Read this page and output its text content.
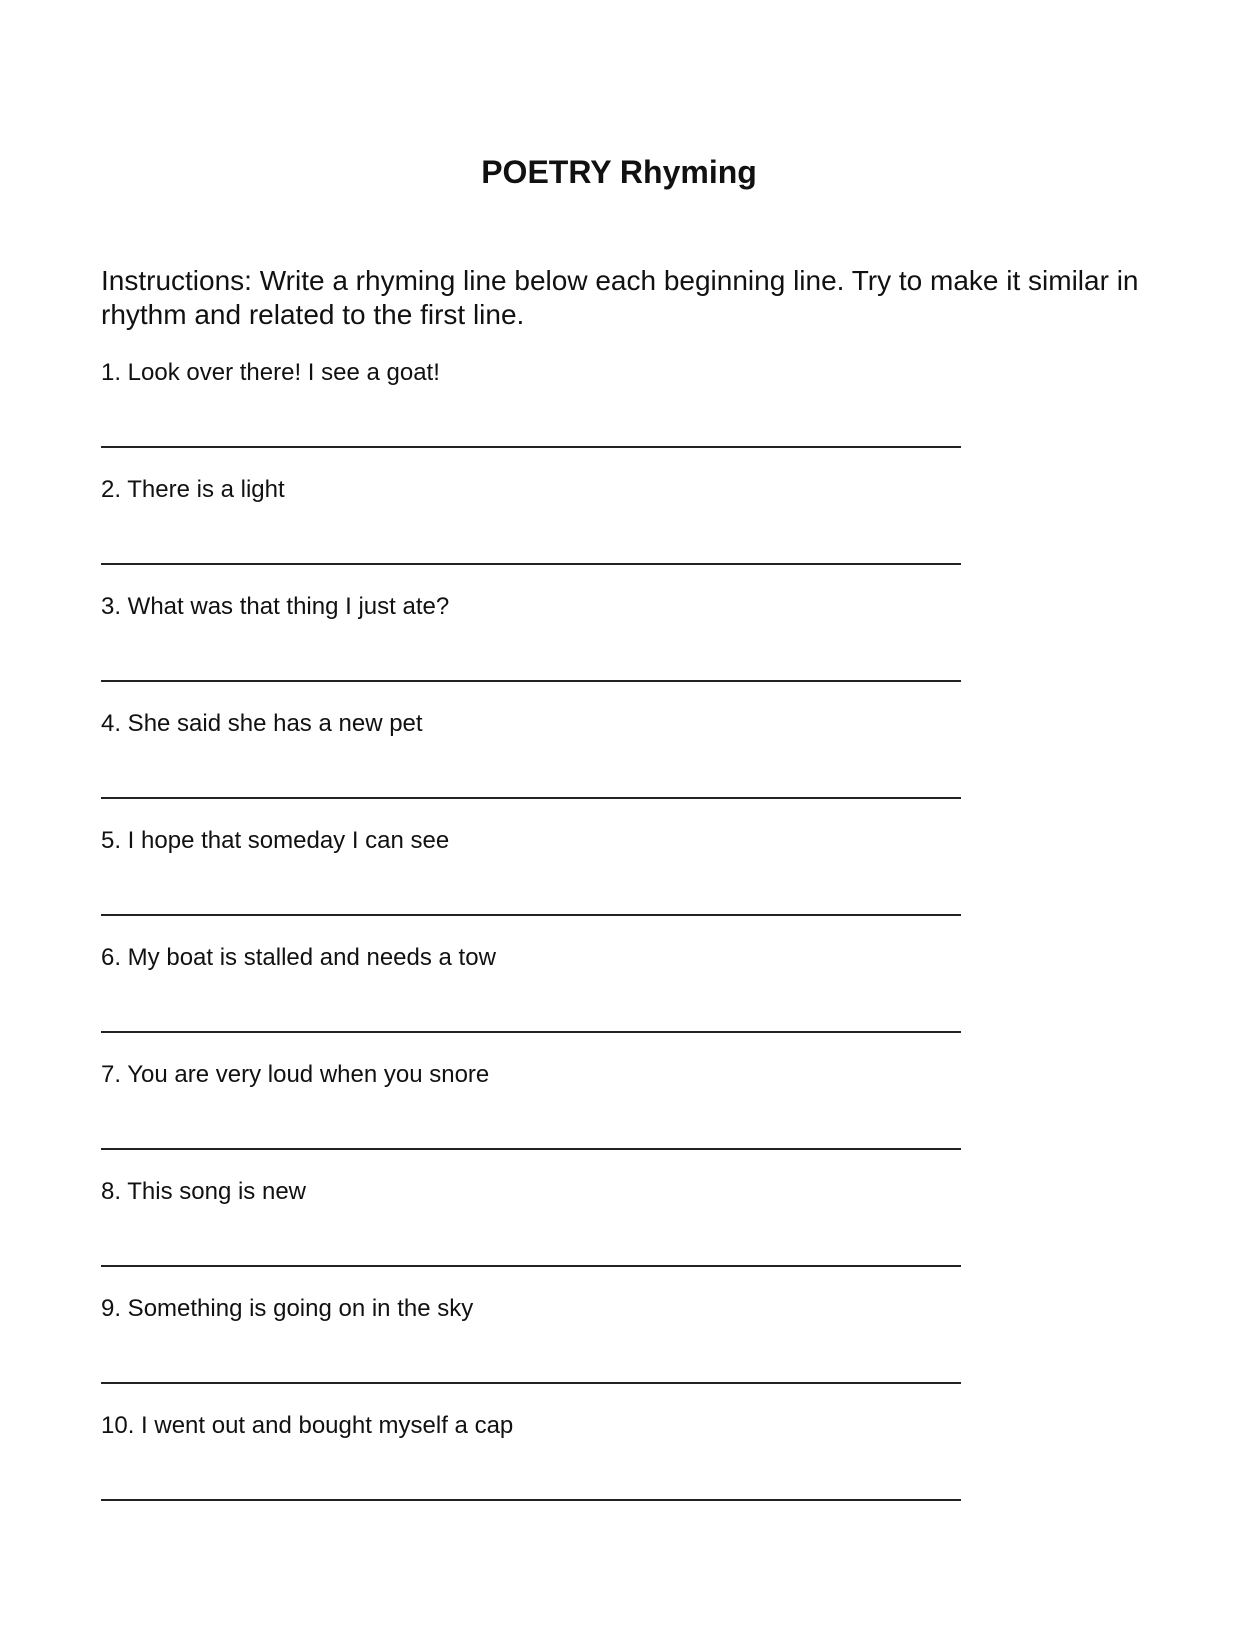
POETRY Rhyming
Instructions: Write a rhyming line below each beginning line. Try to make it similar in rhythm and related to the first line.
1. Look over there! I see a goat!
2. There is a light
3. What was that thing I just ate?
4. She said she has a new pet
5. I hope that someday I can see
6. My boat is stalled and needs a tow
7. You are very loud when you snore
8. This song is new
9. Something is going on in the sky
10. I went out and bought myself a cap
